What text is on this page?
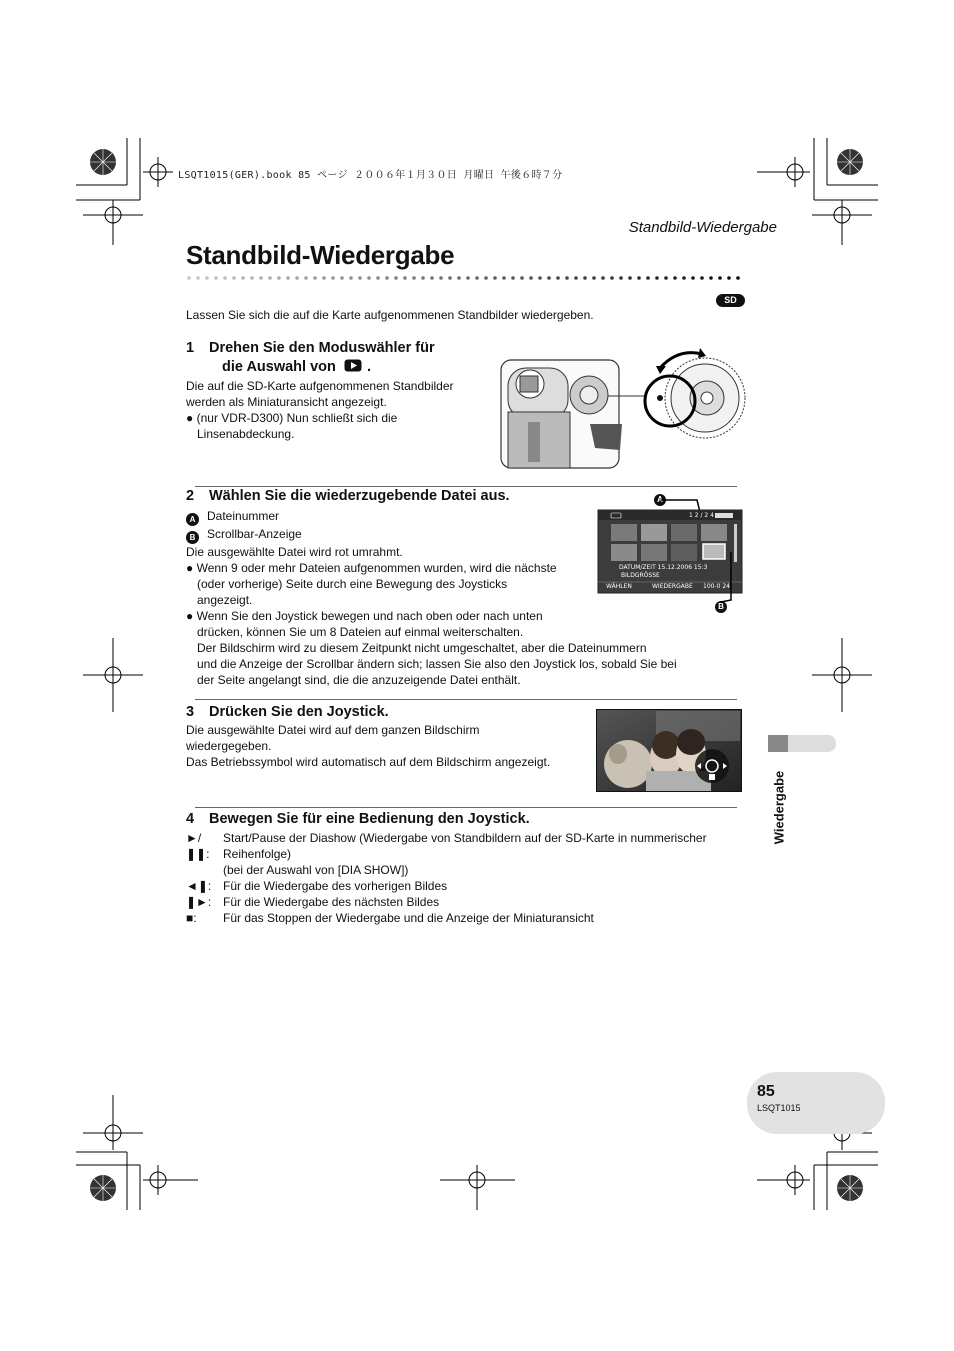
LSQT1015(GER).book 85 ページ ２００６年１月３０日 月曜日 午後６時７分
Standbild-Wiedergabe
Standbild-Wiedergabe
SD
Lassen Sie sich die auf die Karte aufgenommenen Standbilder wiedergeben.
1 Drehen Sie den Moduswähler für
die Auswahl von .
Die auf die SD-Karte aufgenommenen Standbilder
werden als Miniaturansicht angezeigt.
● (nur VDR-D300) Nun schließt sich die
Linsenabdeckung.
2 Wählen Sie die wiederzugebende Datei aus.
A Dateinummer
B Scrollbar-Anzeige
Die ausgewählte Datei wird rot umrahmt.
● Wenn 9 oder mehr Dateien aufgenommen wurden, wird die nächste
(oder vorherige) Seite durch eine Bewegung des Joysticks
angezeigt.
● Wenn Sie den Joystick bewegen und nach oben oder nach unten
drücken, können Sie um 8 Dateien auf einmal weiterschalten.
Der Bildschirm wird zu diesem Zeitpunkt nicht umgeschaltet, aber die Dateinummern
und die Anzeige der Scrollbar ändern sich; lassen Sie also den Joystick los, sobald Sie bei
der Seite angelangt sind, die die anzuzeigende Datei enthält.
A
B
1 2 / 2 4
DATUM/ZEIT 15.12.2006 15:3
BILDGRÖSSE
WÄHLEN	WIEDERGABE 100-0 24
3 Drücken Sie den Joystick.
Die ausgewählte Datei wird auf dem ganzen Bildschirm
wiedergegeben.
Das Betriebssymbol wird automatisch auf dem Bildschirm angezeigt.
4 Bewegen Sie für eine Bedienung den Joystick.
►/❚❚:
Start/Pause der Diashow (Wiedergabe von Standbildern auf der SD-Karte in nummerischer
Reihenfolge)
(bei der Auswahl von [DIA SHOW])
◄❚: Für die Wiedergabe des vorherigen Bildes
❚►: Für die Wiedergabe des nächsten Bildes
■:	Für das Stoppen der Wiedergabe und die Anzeige der Miniaturansicht
Wiedergabe
85
LSQT1015
